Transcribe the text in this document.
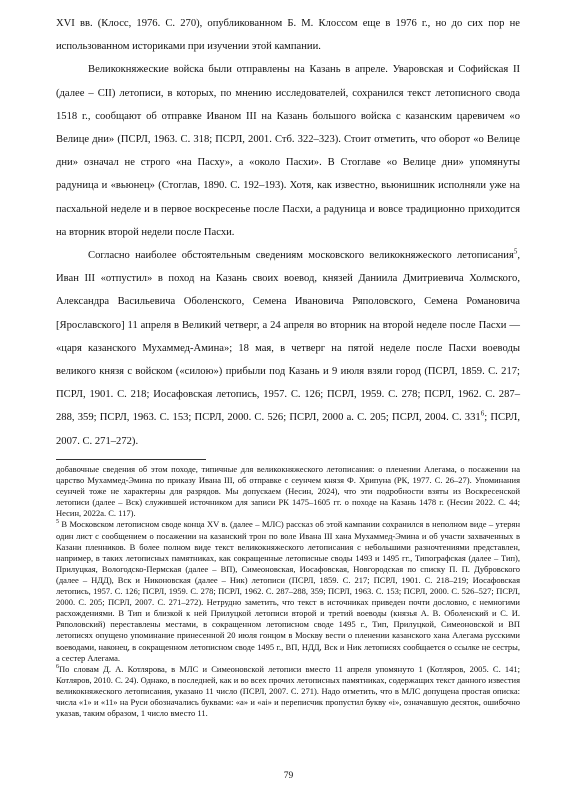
XVI вв. (Клосс, 1976. С. 270), опубликованном Б. М. Клоссом еще в 1976 г., но до сих пор не использованном историками при изучении этой кампании.

Великокняжеские войска были отправлены на Казань в апреле. Уваровская и Софийская II (далее – СII) летописи, в которых, по мнению исследователей, сохранился текст летописного свода 1518 г., сообщают об отправке Иваном III на Казань большого войска с казанским царевичем «о Велице дни» (ПСРЛ, 1963. С. 318; ПСРЛ, 2001. Стб. 322–323). Стоит отметить, что оборот «о Велице дни» означал не строго «на Пасху», а «около Пасхи». В Стоглаве «о Велице дни» упомянуты радуница и «вьюнец» (Стоглав, 1890. С. 192–193). Хотя, как известно, вьюнишник исполняли уже на пасхальной неделе и в первое воскресенье после Пасхи, а радуница и вовсе традиционно приходится на вторник второй недели после Пасхи.

Согласно наиболее обстоятельным сведениям московского великокняжеского летописания$^5$, Иван III «отпустил» в поход на Казань своих воевод, князей Даниила Дмитриевича Холмского, Александра Васильевича Оболенского, Семена Ивановича Ряполовского, Семена Романовича [Ярославского] 11 апреля в Великий четверг, а 24 апреля во вторник на второй неделе после Пасхи — «царя казанского Мухаммед-Амина»; 18 мая, в четверг на пятой неделе после Пасхи воеводы великого князя с войском («силою») прибыли под Казань и 9 июля взяли город (ПСРЛ, 1859. С. 217; ПСРЛ, 1901. С. 218; Иосафовская летопись, 1957. С. 126; ПСРЛ, 1959. С. 278; ПСРЛ, 1962. С. 287–288, 359; ПСРЛ, 1963. С. 153; ПСРЛ, 2000. С. 526; ПСРЛ, 2000 а. С. 205; ПСРЛ, 2004. С. $331^6$; ПСРЛ, 2007. С. 271–272).

добавочные сведения об этом походе, типичные для великокняжеского летописания: о пленении Алегама, о посажении на царство Мухаммед-Эмина по приказу Ивана III, об отправке с сеунчем князя Ф. Хрипуна (РК, 1977. С. 26–27). Упоминания сеунчей тоже не характерны для разрядов. Мы допускаем (Несин, 2024), что эти подробности взяты из Воскресенской летописи (далее – Вск) служившей источником для записи РК 1475–1605 гг. о походе на Казань 1478 г. (Несин 2022. С. 44; Несин, 2022а. С. 117).

$^5$ В Московском летописном своде конца XV в. (далее – МЛС) рассказ об этой кампании сохранился в неполном виде – утерян один лист с сообщением о посажении на казанский трон по воле Ивана III хана Мухаммед-Эмина и об участи захваченных в Казани пленников. В более полном виде текст великокняжеского летописания с небольшими разночтениями представлен, например, в таких летописных памятниках, как сокращенные летописные своды 1493 и 1495 гг., Типографская (далее – Тип), Прилуцкая, Вологодско-Пермская (далее – ВП), Симеоновская, Иосафовская, Новгородская по списку П. П. Дубровского (далее – НДД), Вск и Никоновская (далее – Ник) летописи (ПСРЛ, 1859. С. 217; ПСРЛ, 1901. С. 218–219; Иосафовская летопись, 1957. С. 126; ПСРЛ, 1959. С. 278; ПСРЛ, 1962. С. 287–288, 359; ПСРЛ, 1963. С. 153; ПСРЛ, 2000. С. 526–527; ПСРЛ, 2000. С. 205; ПСРЛ, 2007. С. 271–272). Нетрудно заметить, что текст в источниках приведен почти дословно, с немногими расхождениями. В Тип и близкой к ней Прилуцкой летописи второй и третий воеводы (князья А. В. Оболенский и С. И. Ряполовский) переставлены местами, в сокращенном летописном своде 1495 г., Тип, Прилуцкой, Симеоновской и ВП летописях опущено упоминание принесенной 20 июля гонцом в Москву вести о пленении казанского хана Алегама русскими воеводами, наконец, в сокращенном летописном своде 1495 г., ВП, НДД, Вск и Ник летописях сообщается о ссылке не сестры, а сестер Алегама.

$^6$По словам Д. А. Котлярова, в МЛС и Симеоновской летописи вместо 11 апреля упомянуто 1 (Котляров, 2005. С. 141; Котляров, 2010. С. 24). Однако, в последней, как и во всех прочих летописных памятниках, содержащих текст данного известия великокняжеского летописания, указано 11 число (ПСРЛ, 2007. С. 271). Надо отметить, что в МЛС допущена простая описка: числа «1» и «11» на Руси обозначались буквами: «а» и «аі» и переписчик пропустил букву «і», означавшую десяток, ошибочно указав, таким образом, 1 число вместо 11.

79
